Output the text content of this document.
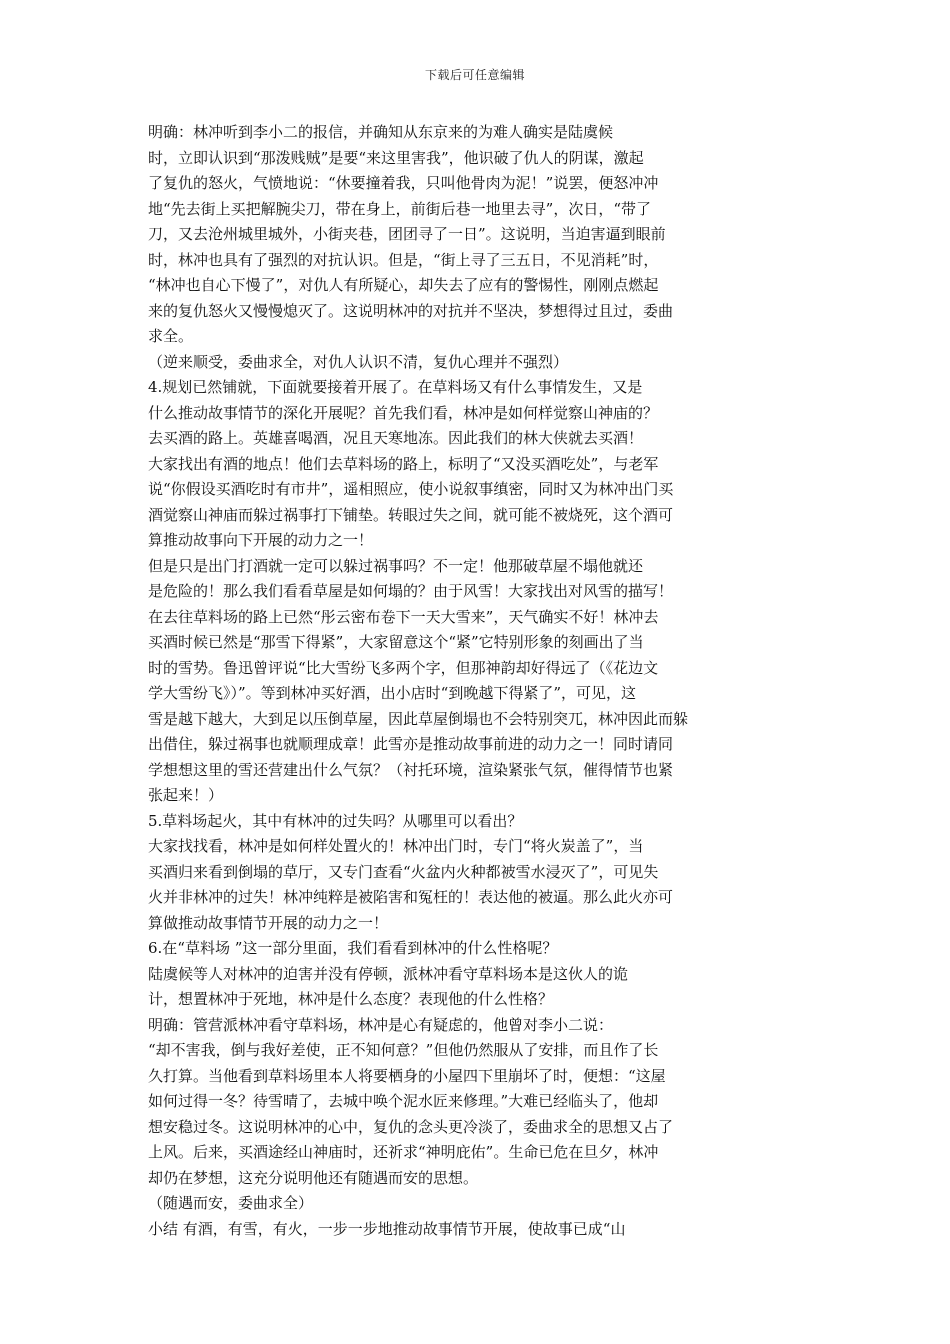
下载后可任意编辑
明确：林冲听到李小二的报信，并确知从东京来的为难人确实是陆虞候
时，立即认识到“那泼贱贼”是要“来这里害我”，他识破了仇人的阴谋，激起
了复仇的怒火，气愤地说：“休要撞着我，只叫他骨肉为泥！”说罢，便怒冲冲
地“先去街上买把解腕尖刀，带在身上，前街后巷一地里去寻”，次日，“带了
刀，又去沧州城里城外，小街夹巷，团团寻了一日”。这说明，当迫害逼到眼前
时，林冲也具有了强烈的对抗认识。但是，“街上寻了三五日，不见消耗”时，
“林冲也自心下慢了”，对仇人有所疑心，却失去了应有的警惕性，刚刚点燃起
来的复仇怒火又慢慢熄灭了。这说明林冲的对抗并不坚决，梦想得过且过，委曲
求全。
（逆来顺受，委曲求全，对仇人认识不清，复仇心理并不强烈）
4.规划已然铺就，下面就要接着开展了。在草料场又有什么事情发生，又是
什么推动故事情节的深化开展呢？首先我们看，林冲是如何样觉察山神庙的？
去买酒的路上。英雄喜喝酒，况且天寒地冻。因此我们的林大侠就去买酒！
大家找出有酒的地点！他们去草料场的路上，标明了“又没买酒吃处”，与老军
说“你假设买酒吃时有市井”，遥相照应，使小说叙事缜密，同时又为林冲出门买
酒觉察山神庙而躲过祸事打下铺垫。转眼过失之间，就可能不被烧死，这个酒可
算推动故事向下开展的动力之一！
但是只是出门打酒就一定可以躲过祸事吗？不一定！他那破草屋不塌他就还
是危险的！那么我们看看草屋是如何塌的？由于风雪！大家找出对风雪的描写！
在去往草料场的路上已然“彤云密布卷下一天大雪来”，天气确实不好！林冲去
买酒时候已然是“那雪下得紧”，大家留意这个“紧”它特别形象的刻画出了当
时的雪势。鲁迅曾评说“比大雪纷飞多两个字，但那神韵却好得远了（《花边文
学大雪纷飞》）”。等到林冲买好酒，出小店时“到晚越下得紧了”，可见，这
雪是越下越大，大到足以压倒草屋，因此草屋倒塌也不会特别突兀，林冲因此而躲
出借住，躲过祸事也就顺理成章！此雪亦是推动故事前进的动力之一！同时请同
学想想这里的雪还营建出什么气氛？（衬托环境，渲染紧张气氛，催得情节也紧
张起来！）
5.草料场起火，其中有林冲的过失吗？从哪里可以看出？
大家找找看，林冲是如何样处置火的！林冲出门时，专门“将火炭盖了”，当
买酒归来看到倒塌的草厅，又专门查看“火盆内火种都被雪水浸灭了”，可见失
火并非林冲的过失！林冲纯粹是被陷害和冤枉的！表达他的被逼。那么此火亦可
算做推动故事情节开展的动力之一！
6.在“草料场 ”这一部分里面，我们看看到林冲的什么性格呢？
陆虞候等人对林冲的迫害并没有停顿，派林冲看守草料场本是这伙人的诡
计，想置林冲于死地，林冲是什么态度？表现他的什么性格？
明确：管营派林冲看守草料场，林冲是心有疑虑的，他曾对李小二说：
“却不害我，倒与我好差使，正不知何意？”但他仍然服从了安排，而且作了长
久打算。当他看到草料场里本人将要栖身的小屋四下里崩坏了时，便想：“这屋
如何过得一冬？待雪晴了，去城中唤个泥水匠来修理。”大难已经临头了，他却
想安稳过冬。这说明林冲的心中，复仇的念头更冷淡了，委曲求全的思想又占了
上风。后来，买酒途经山神庙时，还祈求“神明庇佑”。生命已危在旦夕，林冲
却仍在梦想，这充分说明他还有随遇而安的思想。
（随遇而安，委曲求全）
小结 有酒，有雪，有火，一步一步地推动故事情节开展，使故事已成“山
